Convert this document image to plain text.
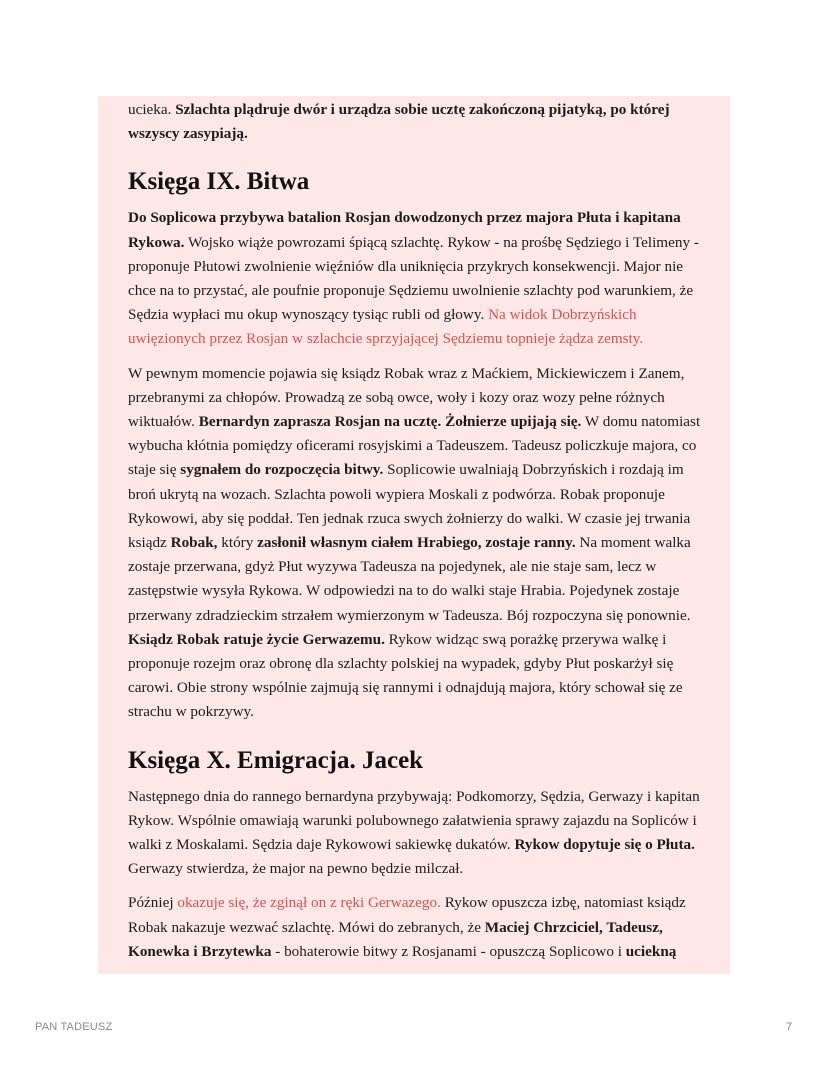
ucieka. Szlachta plądruje dwór i urządza sobie ucztę zakończoną pijatyką, po której wszyscy zasypiają.

Księga IX. Bitwa

Do Soplicowa przybywa batalion Rosjan dowodzonych przez majora Płuta i kapitana Rykowa. Wojsko wiąże powrozami śpiącą szlachtę. Rykow - na prośbę Sędziego i Telimeny - proponuje Płutowi zwolnienie więźniów dla uniknięcia przykrych konsekwencji. Major nie chce na to przystać, ale poufnie proponuje Sędziemu uwolnienie szlachty pod warunkiem, że Sędzia wypłaci mu okup wynoszący tysiąc rubli od głowy. Na widok Dobrzyńskich uwięzionych przez Rosjan w szlachcie sprzyjającej Sędziemu topnieje żądza zemsty.

W pewnym momencie pojawia się ksiądz Robak wraz z Maćkiem, Mickiewiczem i Zanem, przebranymi za chłopów. Prowadzą ze sobą owce, woły i kozy oraz wozy pełne różnych wiktuałów. Bernardyn zaprasza Rosjan na ucztę. Żołnierze upijają się. W domu natomiast wybucha kłótnia pomiędzy oficerami rosyjskimi a Tadeuszem. Tadeusz policzkuje majora, co staje się sygnałem do rozpoczęcia bitwy. Soplicowie uwalniają Dobrzyńskich i rozdają im broń ukrytą na wozach. Szlachta powoli wypiera Moskali z podwórza. Robak proponuje Rykowowi, aby się poddał. Ten jednak rzuca swych żołnierzy do walki. W czasie jej trwania ksiądz Robak, który zasłonił własnym ciałem Hrabiego, zostaje ranny. Na moment walka zostaje przerwana, gdyż Płut wyzywa Tadeusza na pojedynek, ale nie staje sam, lecz w zastępstwie wysyła Rykowa. W odpowiedzi na to do walki staje Hrabia. Pojedynek zostaje przerwany zdradzieckim strzałem wymierzonym w Tadeusza. Bój rozpoczyna się ponownie. Ksiądz Robak ratuje życie Gerwazemu. Rykow widząc swą porażkę przerywa walkę i proponuje rozejm oraz obronę dla szlachty polskiej na wypadek, gdyby Płut poskarżył się carowi. Obie strony wspólnie zajmują się rannymi i odnajdują majora, który schował się ze strachu w pokrzywy.

Księga X. Emigracja. Jacek

Następnego dnia do rannego bernardyna przybywają: Podkomorzy, Sędzia, Gerwazy i kapitan Rykow. Wspólnie omawiają warunki polubownego załatwienia sprawy zajazdu na Sopliców i walki z Moskalami. Sędzia daje Rykowowi sakiewkę dukatów. Rykow dopytuje się o Płuta. Gerwazy stwierdza, że major na pewno będzie milczał.

Później okazuje się, że zginął on z ręki Gerwazego. Rykow opuszcza izbę, natomiast ksiądz Robak nakazuje wezwać szlachtę. Mówi do zebranych, że Maciej Chrzciciel, Tadeusz, Konewka i Brzytewka - bohaterowie bitwy z Rosjanami - opuszczą Soplicowo i uciekną

PAN TADEUSZ	7
